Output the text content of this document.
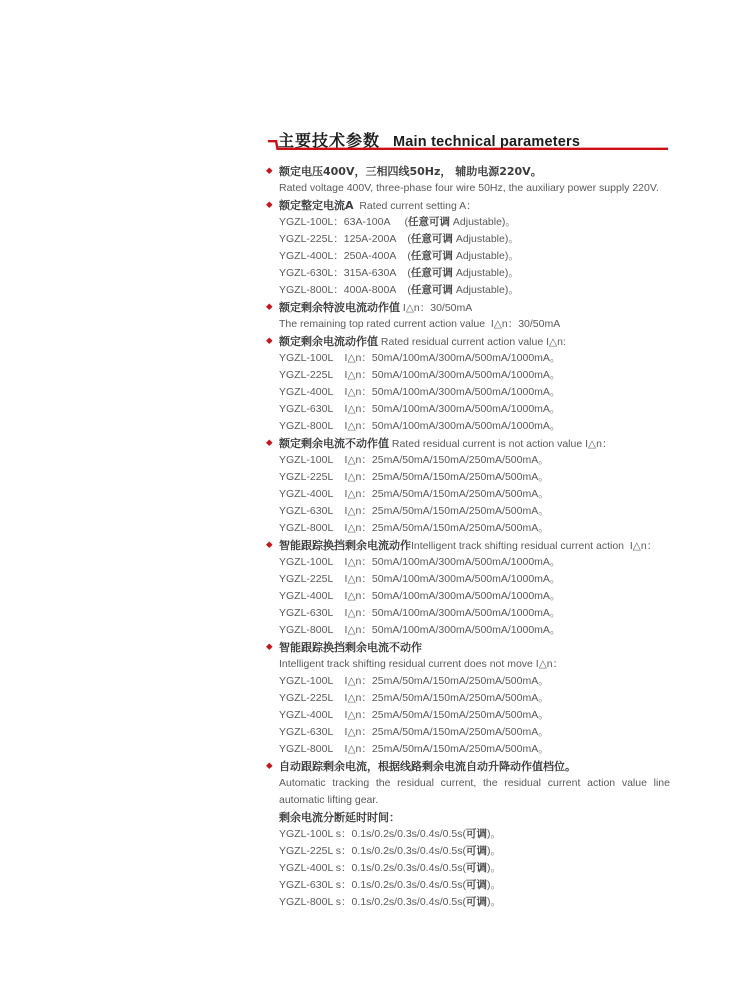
主要技术参数 Main technical parameters
◆ 额定电压400V，三相四线50Hz， 辅助电源220V。
Rated voltage 400V, three-phase four wire 50Hz, the auxiliary power supply 220V.
◆ 额定整定电流A  Rated current setting A：
YGZL-100L：63A-100A     (任意可调 Adjustable)。
YGZL-225L：125A-200A    (任意可调 Adjustable)。
YGZL-400L：250A-400A    (任意可调 Adjustable)。
YGZL-630L：315A-630A    (任意可调 Adjustable)。
YGZL-800L：400A-800A    (任意可调 Adjustable)。
◆ 额定剩余特波电流动作值 I△n：30/50mA
The remaining top rated current action value  I△n：30/50mA
◆ 额定剩余电流动作值 Rated residual current action value I△n:
YGZL-100L    I△n：50mA/100mA/300mA/500mA/1000mA。
YGZL-225L    I△n：50mA/100mA/300mA/500mA/1000mA。
YGZL-400L    I△n：50mA/100mA/300mA/500mA/1000mA。
YGZL-630L    I△n：50mA/100mA/300mA/500mA/1000mA。
YGZL-800L    I△n：50mA/100mA/300mA/500mA/1000mA。
◆ 额定剩余电流不动作值 Rated residual current is not action value I△n：
YGZL-100L    I△n：25mA/50mA/150mA/250mA/500mA。
YGZL-225L    I△n：25mA/50mA/150mA/250mA/500mA。
YGZL-400L    I△n：25mA/50mA/150mA/250mA/500mA。
YGZL-630L    I△n：25mA/50mA/150mA/250mA/500mA。
YGZL-800L    I△n：25mA/50mA/150mA/250mA/500mA。
◆ 智能跟踪换挡剩余电流动作Intelligent track shifting residual current action  I△n：
YGZL-100L    I△n：50mA/100mA/300mA/500mA/1000mA。
YGZL-225L    I△n：50mA/100mA/300mA/500mA/1000mA。
YGZL-400L    I△n：50mA/100mA/300mA/500mA/1000mA。
YGZL-630L    I△n：50mA/100mA/300mA/500mA/1000mA。
YGZL-800L    I△n：50mA/100mA/300mA/500mA/1000mA。
◆ 智能跟踪换挡剩余电流不动作
Intelligent track shifting residual current does not move I△n：
YGZL-100L    I△n：25mA/50mA/150mA/250mA/500mA。
YGZL-225L    I△n：25mA/50mA/150mA/250mA/500mA。
YGZL-400L    I△n：25mA/50mA/150mA/250mA/500mA。
YGZL-630L    I△n：25mA/50mA/150mA/250mA/500mA。
YGZL-800L    I△n：25mA/50mA/150mA/250mA/500mA。
◆ 自动跟踪剩余电流，根据线路剩余电流自动升降动作值档位。
Automatic tracking the residual current, the residual current action value line
automatic lifting gear.
剩余电流分断延时时间：
YGZL-100L s：0.1s/0.2s/0.3s/0.4s/0.5s(可调)。
YGZL-225L s：0.1s/0.2s/0.3s/0.4s/0.5s(可调)。
YGZL-400L s：0.1s/0.2s/0.3s/0.4s/0.5s(可调)。
YGZL-630L s：0.1s/0.2s/0.3s/0.4s/0.5s(可调)。
YGZL-800L s：0.1s/0.2s/0.3s/0.4s/0.5s(可调)。
